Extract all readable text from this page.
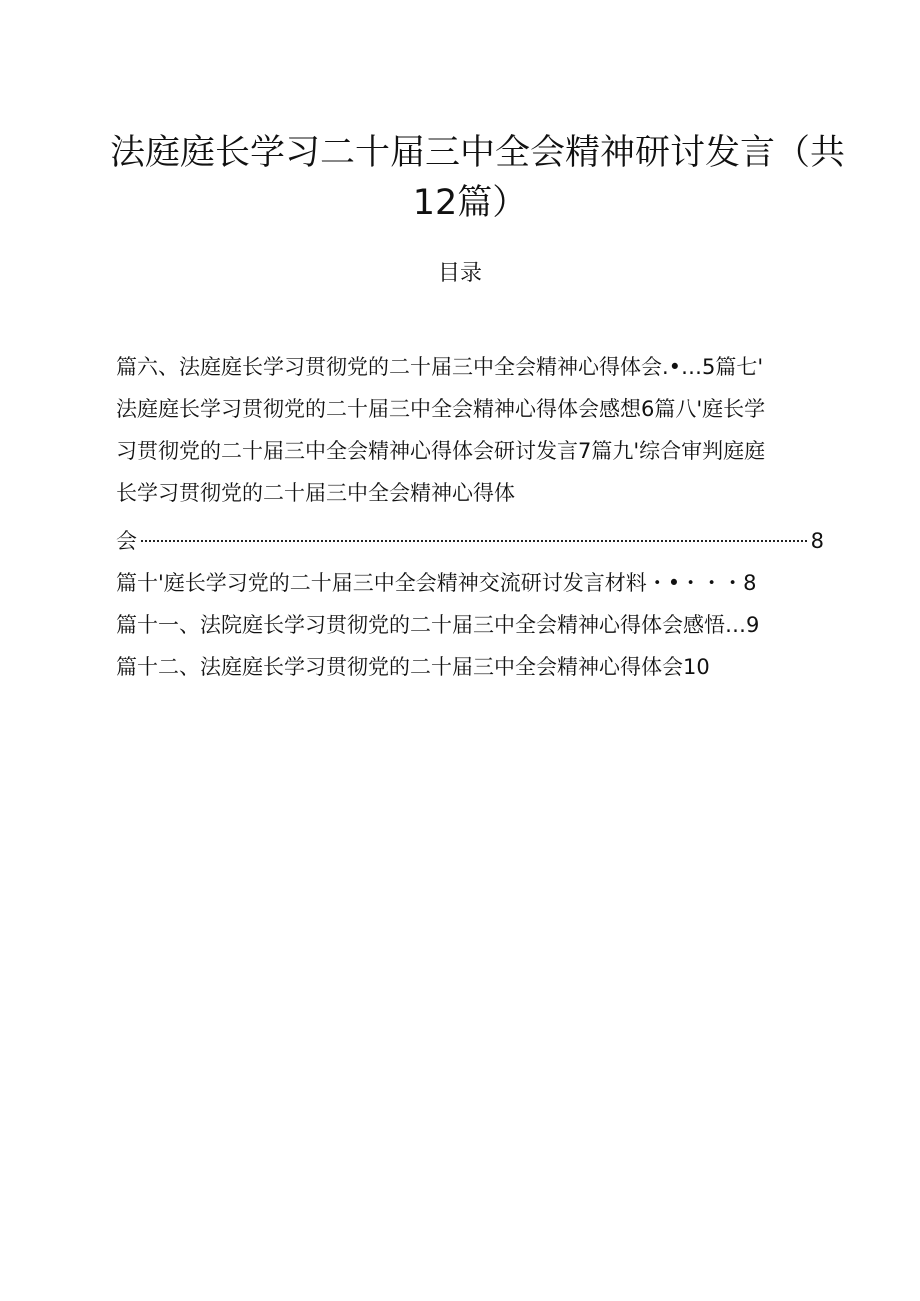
法庭庭长学习二十届三中全会精神研讨发言（共
12篇）
目录
篇六、法庭庭长学习贯彻党的二十届三中全会精神心得体会.•…5篇七'
法庭庭长学习贯彻党的二十届三中全会精神心得体会感想6篇八'庭长学
习贯彻党的二十届三中全会精神心得体会研讨发言7篇九'综合审判庭庭
长学习贯彻党的二十届三中全会精神心得体
会	8
篇十'庭长学习党的二十届三中全会精神交流研讨发言材料・•・・・8
篇十一、法院庭长学习贯彻党的二十届三中全会精神心得体会感悟…9
篇十二、法庭庭长学习贯彻党的二十届三中全会精神心得体会10
